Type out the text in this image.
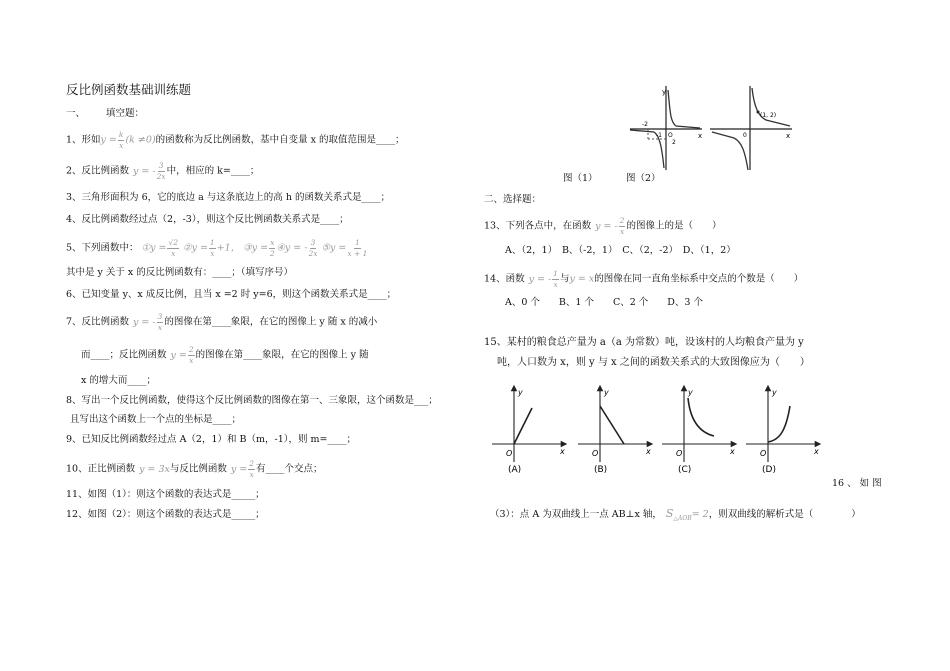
反比例函数基础训练题
一、 填空题：
1、形如$y = \frac{k}{x} (k \ne 0)$的函数称为反比例函数，基中自变量 x 的取值范围是____；
2、反比例函数 y = - $\frac{3}{2x}$ 中，相应的 k=____；
3、三角形面积为 6，它的底边 a 与这条底边上的高 h 的函数关系式是____；
4、反比例函数经过点（2，-3），则这个反比例函数关系式是____；
5、下列函数中： ①y = $\frac{√2}{x}$ ②y = $\frac{1}{x} +1$， ③y = $\frac{x}{2}$ ④y = - $\frac{3}{2x}$ ⑤y = $\frac{1}{x + 1}$
其中是 y 关于 x 的反比例函数有：____；（填写序号）
6、已知变量 y、x 成反比例，且当 x =2 时 y=6，则这个函数关系式是____；
7、反比例函数 y = - $\frac{3}{x}$ 的图像在第____象限，在它的图像上 y 随 x 的减小
而____；反比例函数 $y = \frac{2}{x}$ 的图像在第____象限，在它的图像上 y 随
x 的增大而____；
8、写出一个反比例函数，使得这个反比例函数的图像在第一、三象限，这个函数是___；
且写出这个函数上一个点的坐标是____；
9、已知反比例函数经过点 A（2，1）和 B（m，-1），则 m=____；
10、正比例函数 y = 3x与反比例函数 $y = \frac{2}{x}$ 有____个交点；
11、如图（1）：则这个函数的表达式是_____；
12、如图（2）：则这个函数的表达式是_____；
y
x
O
-2
-1
2
x
0
(1, 2)
图（1）	图（2）
二、选择题：
13、下列各点中，在函数 y = - $\frac{2}{x}$ 的图像上的是（　　）
A、（2，1）　B、（-2，1）　C、（2，-2）　D、（1，2）
14、函数 y = - $\frac{1}{x}$ 与y = x的图像在同一直角坐标系中交点的个数是（　　）
A、0 个　　B、1 个　　C、2 个　　D、3 个
15、某村的粮食总产量为 a（a 为常数）吨，设该村的人均粮食产量为 y
吨，人口数为 x，则 y 与 x 之间的函数关系式的大致图像应为（　　）
y
x
O
(A)
y
x
O
(B)
y
x
O
(C)
y
x
O
(D)
16 、 如 图
（3）：点 A 为双曲线上一点 AB⊥x 轴， $S_{\triangle AOB}= 2$，则双曲线的解析式是（　　　　）
